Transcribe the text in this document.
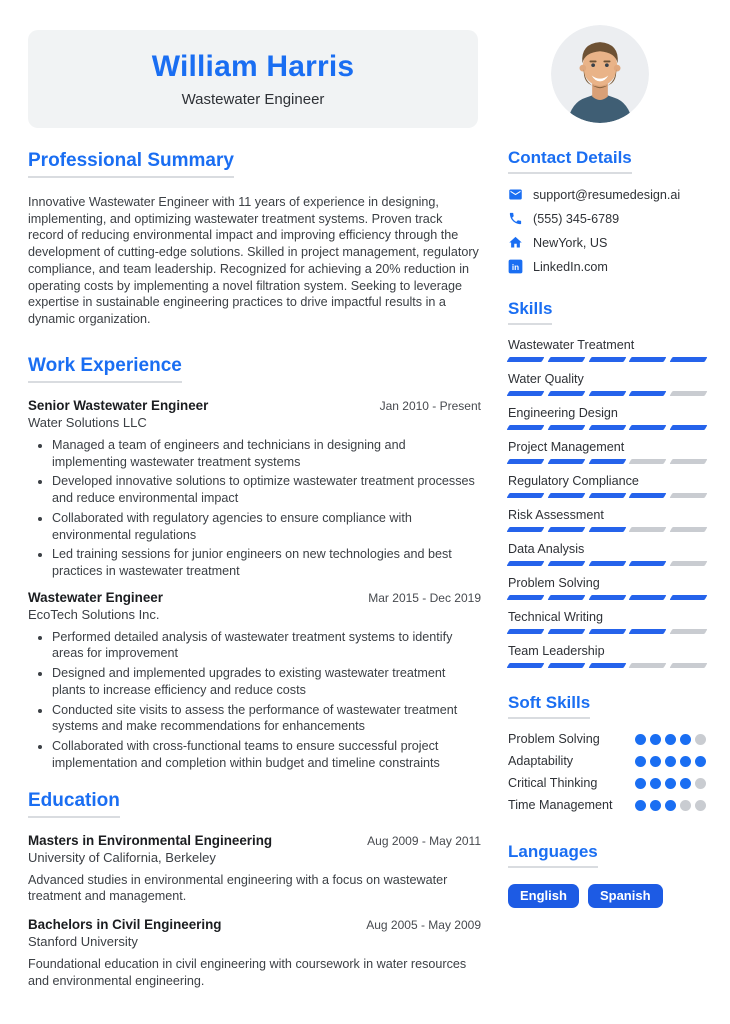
William Harris
Wastewater Engineer
Professional Summary

Innovative Wastewater Engineer with 11 years of experience in designing, implementing, and optimizing wastewater treatment systems. Proven track record of reducing environmental impact and improving efficiency through the development of cutting-edge solutions. Skilled in project management, regulatory compliance, and team leadership. Recognized for achieving a 20% reduction in operating costs by implementing a novel filtration system. Seeking to leverage expertise in sustainable engineering practices to drive impactful results in a dynamic organization.

Work Experience
Senior Wastewater Engineer	Jan 2010 - Present
Water Solutions LLC
• Managed a team of engineers and technicians in designing and implementing wastewater treatment systems
• Developed innovative solutions to optimize wastewater treatment processes and reduce environmental impact
• Collaborated with regulatory agencies to ensure compliance with environmental regulations
• Led training sessions for junior engineers on new technologies and best practices in wastewater treatment
Wastewater Engineer	Mar 2015 - Dec 2019
EcoTech Solutions Inc.
• Performed detailed analysis of wastewater treatment systems to identify areas for improvement
• Designed and implemented upgrades to existing wastewater treatment plants to increase efficiency and reduce costs
• Conducted site visits to assess the performance of wastewater treatment systems and make recommendations for enhancements
• Collaborated with cross-functional teams to ensure successful project implementation and completion within budget and timeline constraints
Education
Masters in Environmental Engineering	Aug 2009 - May 2011
University of California, Berkeley

Advanced studies in environmental engineering with a focus on wastewater treatment and management.

Bachelors in Civil Engineering	Aug 2005 - May 2009
Stanford University

Foundational education in civil engineering with coursework in water resources and environmental engineering.

Contact Details
support@resumedesign.ai
(555) 345-6789
NewYork, US
in LinkedIn.com
Skills
Wastewater Treatment
Water Quality
Engineering Design
Project Management
Regulatory Compliance
Risk Assessment
Data Analysis
Problem Solving
Technical Writing
Team Leadership
Soft Skills
Problem Solving
Adaptability
Critical Thinking
Time Management
Languages
English	Spanish
